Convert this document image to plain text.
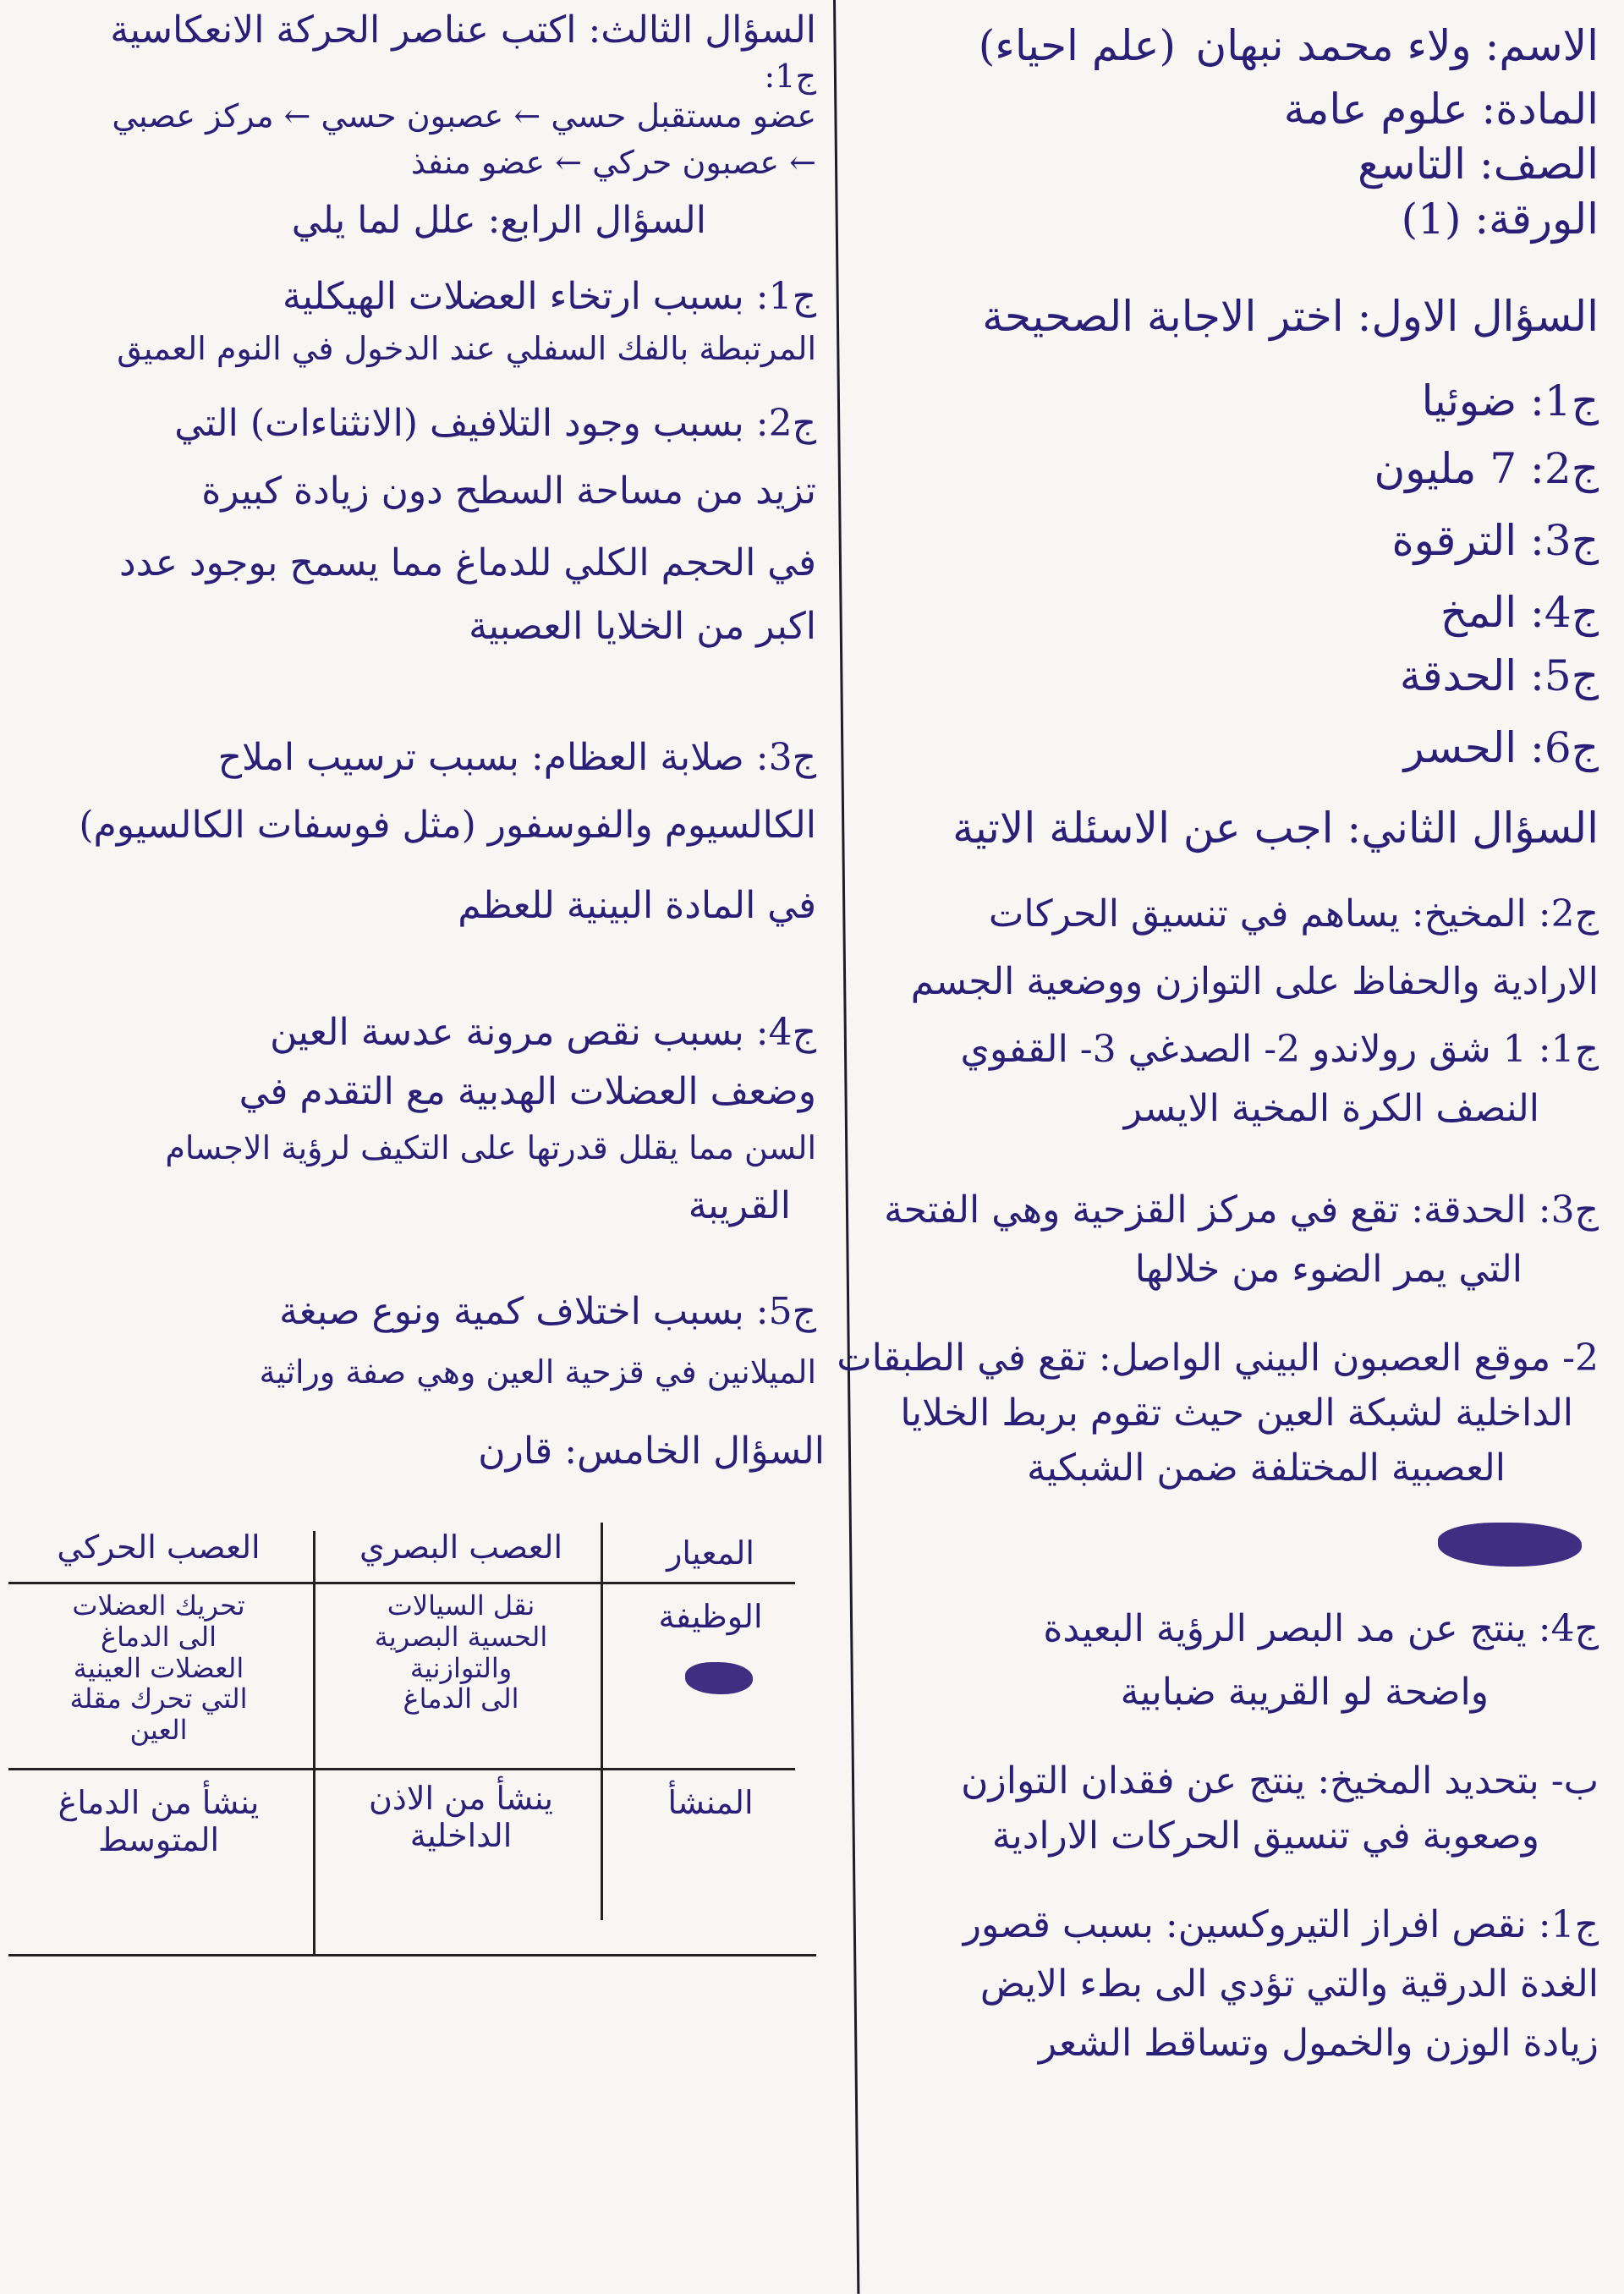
الاسم: ولاء محمد نبهان
(علم احياء)
المادة: علوم عامة
الصف: التاسع
الورقة: (1)
السؤال الاول: اختر الاجابة الصحيحة
ج1: ضوئيا
ج2: 7 مليون
ج3: الترقوة
ج4: المخ
ج5: الحدقة
ج6: الحسر
السؤال الثاني: اجب عن الاسئلة الاتية
ج2: المخيخ: يساهم في تنسيق الحركات
الارادية والحفاظ على التوازن ووضعية الجسم
ج1: 1 شق رولاندو 2- الصدغي 3- القفوي
النصف الكرة المخية الايسر
ج3: الحدقة: تقع في مركز القزحية وهي الفتحة
التي يمر الضوء من خلالها
2- موقع العصبون البيني الواصل: تقع في الطبقات
الداخلية لشبكة العين حيث تقوم بربط الخلايا
العصبية المختلفة ضمن الشبكية
ج4: ينتج عن مد البصر الرؤية البعيدة
واضحة لو القريبة ضبابية
ب- بتحديد المخيخ: ينتج عن فقدان التوازن
وصعوبة في تنسيق الحركات الارادية
ج1: نقص افراز التيروكسين: بسبب قصور
الغدة الدرقية والتي تؤدي الى بطء الايض
زيادة الوزن والخمول وتساقط الشعر
السؤال الثالث: اكتب عناصر الحركة الانعكاسية
ج1:
عضو مستقبل حسي ← عصبون حسي ← مركز عصبي
← عصبون حركي ← عضو منفذ
السؤال الرابع: علل لما يلي
ج1: بسبب ارتخاء العضلات الهيكلية
المرتبطة بالفك السفلي عند الدخول في النوم العميق
ج2: بسبب وجود التلافيف (الانثناءات) التي
تزيد من مساحة السطح دون زيادة كبيرة
في الحجم الكلي للدماغ مما يسمح بوجود عدد
اكبر من الخلايا العصبية
ج3: صلابة العظام: بسبب ترسيب املاح
الكالسيوم والفوسفور (مثل فوسفات الكالسيوم)
في المادة البينية للعظم
ج4: بسبب نقص مرونة عدسة العين
وضعف العضلات الهدبية مع التقدم في
السن مما يقلل قدرتها على التكيف لرؤية الاجسام
القريبة
ج5: بسبب اختلاف كمية ونوع صبغة
الميلانين في قزحية العين وهي صفة وراثية
السؤال الخامس: قارن
المعيار
العصب البصري
العصب الحركي
الوظيفة
نقل السيالات
الحسية البصرية
والتوازنية
الى الدماغ
تحريك العضلات
الى الدماغ
العضلات العينية
التي تحرك مقلة
العين
المنشأ
ينشأ من الاذن
الداخلية
ينشأ من الدماغ
المتوسط
